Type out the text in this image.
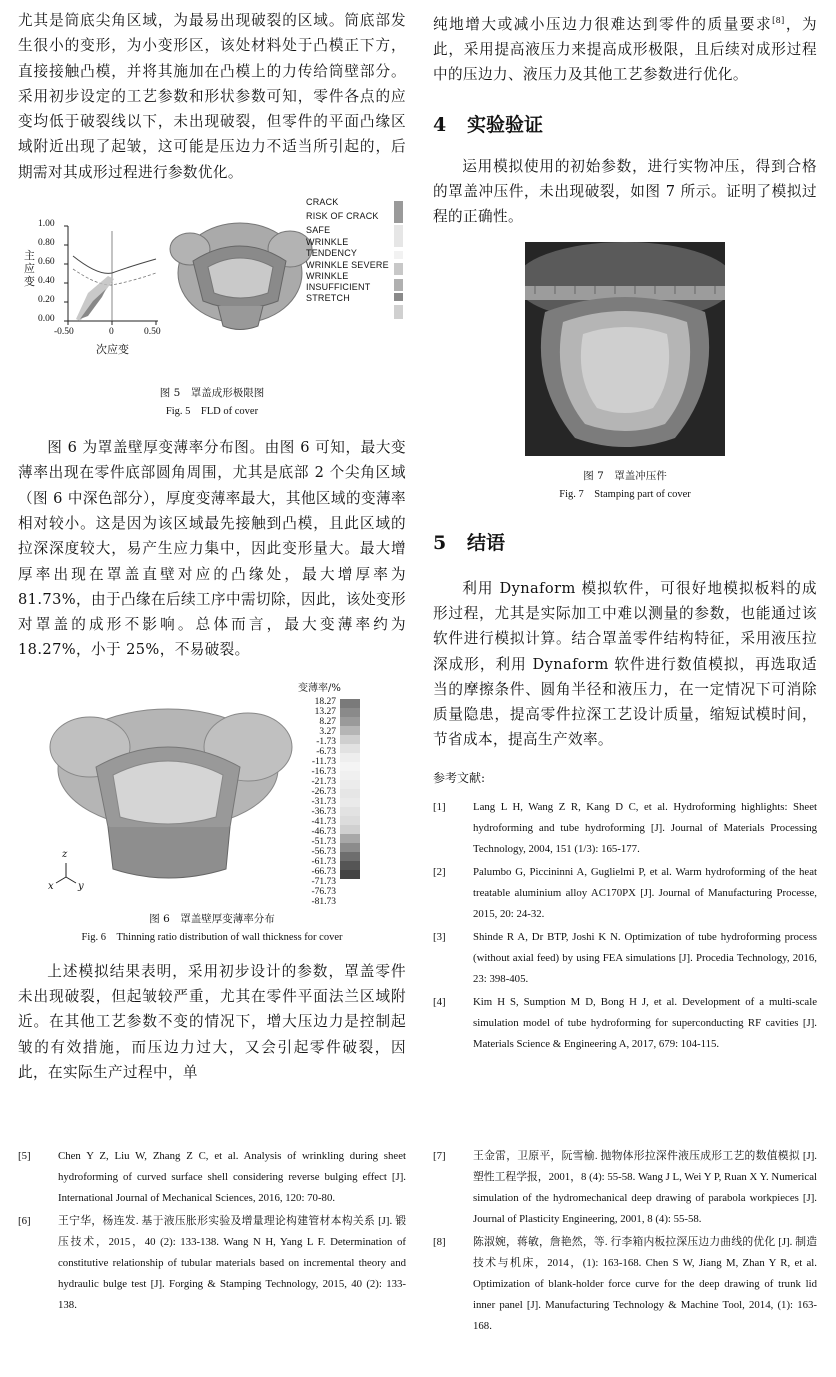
尤其是筒底尖角区域，为最易出现破裂的区域。筒底部发生很小的变形，为小变形区，该处材料处于凸模正下方，直接接触凸模，并将其施加在凸模上的力传给筒壁部分。采用初步设定的工艺参数和形状参数可知，零件各点的应变均低于破裂线以下，未出现破裂，但零件的平面凸缘区域附近出现了起皱，这可能是压边力不适当所引起的，后期需对其成形过程进行参数优化。

主应变
1.00
0.80
0.60
0.40
0.20
0.00
-0.50	0	0.50
次应变
CRACK
RISK OF CRACK
SAFE
WRINKLE TENDENCY
WRINKLE SEVERE
WRINKLE
INSUFFICIENT STRETCH

图 5　罩盖成形极限图

Fig. 5　FLD of cover

图 6 为罩盖壁厚变薄率分布图。由图 6 可知，最大变薄率出现在零件底部圆角周围，尤其是底部 2 个尖角区域（图 6 中深色部分），厚度变薄率最大，其他区域的变薄率相对较小。这是因为该区域最先接触到凸模，且此区域的拉深深度较大，易产生应力集中，因此变形量大。最大增厚率出现在罩盖直壁对应的凸缘处，最大增厚率为 81.73%，由于凸缘在后续工序中需切除，因此，该处变形对罩盖的成形不影响。总体而言，最大变薄率约为 18.27%，小于 25%，不易破裂。

变薄率/%
18.27
13.27
8.27
3.27
-1.73
-6.73
-11.73
-16.73
-21.73
-26.73
-31.73
-36.73
-41.73
-46.73
-51.73
-56.73
-61.73
-66.73
-71.73
-76.73
-81.73
z
x y

图 6　罩盖壁厚变薄率分布

Fig. 6　Thinning ratio distribution of wall thickness for cover

上述模拟结果表明，采用初步设计的参数，罩盖零件未出现破裂，但起皱较严重，尤其在零件平面法兰区域附近。在其他工艺参数不变的情况下，增大压边力是控制起皱的有效措施，而压边力过大，又会引起零件破裂，因此，在实际生产过程中，单

纯地增大或减小压边力很难达到零件的质量要求[8]，为此，采用提高液压力来提高成形极限，且后续对成形过程中的压边力、液压力及其他工艺参数进行优化。

4 实验验证

运用模拟使用的初始参数，进行实物冲压，得到合格的罩盖冲压件，未出现破裂，如图 7 所示。证明了模拟过程的正确性。

图 7　罩盖冲压件

Fig. 7　Stamping part of cover

5 结语

利用 Dynaform 模拟软件，可很好地模拟板料的成形过程，尤其是实际加工中难以测量的参数，也能通过该软件进行模拟计算。结合罩盖零件结构特征，采用液压拉深成形，利用 Dynaform 软件进行数值模拟，再选取适当的摩擦条件、圆角半径和液压力，在一定情况下可消除质量隐患，提高零件拉深工艺设计质量，缩短试模时间，节省成本，提高生产效率。

参考文献:

[1]	Lang L H, Wang Z R, Kang D C, et al. Hydroforming highlights: Sheet hydroforming and tube hydroforming [J]. Journal of Materials Processing Technology, 2004, 151 (1/3): 165-177.

[2]	Palumbo G, Piccininni A, Guglielmi P, et al. Warm hydroforming of the heat treatable aluminium alloy AC170PX [J]. Journal of Manufacturing Processe, 2015, 20: 24-32.

[3]	Shinde R A, Dr BTP, Joshi K N. Optimization of tube hydroforming process (without axial feed) by using FEA simulations [J]. Procedia Technology, 2016, 23: 398-405.

[4]	Kim H S, Sumption M D, Bong H J, et al. Development of a multi-scale simulation model of tube hydroforming for superconducting RF cavities [J]. Materials Science & Engineering A, 2017, 679: 104-115.

[5]	Chen Y Z, Liu W, Zhang Z C, et al. Analysis of wrinkling during sheet hydroforming of curved surface shell considering reverse bulging effect [J]. International Journal of Mechanical Sciences, 2016, 120: 70-80.

[6]	王宁华，杨连发. 基于液压胀形实验及增量理论构建管材本构关系 [J]. 锻压技术，2015，40 (2): 133-138. Wang N H, Yang L F. Determination of constitutive relationship of tubular materials based on incremental theory and hydraulic bulge test [J]. Forging & Stamping Technology, 2015, 40 (2): 133-138.

[7]	王金雷，卫原平，阮雪榆. 抛物体形拉深件液压成形工艺的数值模拟 [J]. 塑性工程学报，2001，8 (4): 55-58. Wang J L, Wei Y P, Ruan X Y. Numerical simulation of the hydromechanical deep drawing of parabola workpieces [J]. Journal of Plasticity Engineering, 2001, 8 (4): 55-58.

[8]	陈淑婉，蒋敏，詹艳然，等. 行李箱内板拉深压边力曲线的优化 [J]. 制造技术与机床，2014，(1): 163-168. Chen S W, Jiang M, Zhan Y R, et al. Optimization of blank-holder force curve for the deep drawing of trunk lid inner panel [J]. Manufacturing Technology & Machine Tool, 2014, (1): 163-168.
